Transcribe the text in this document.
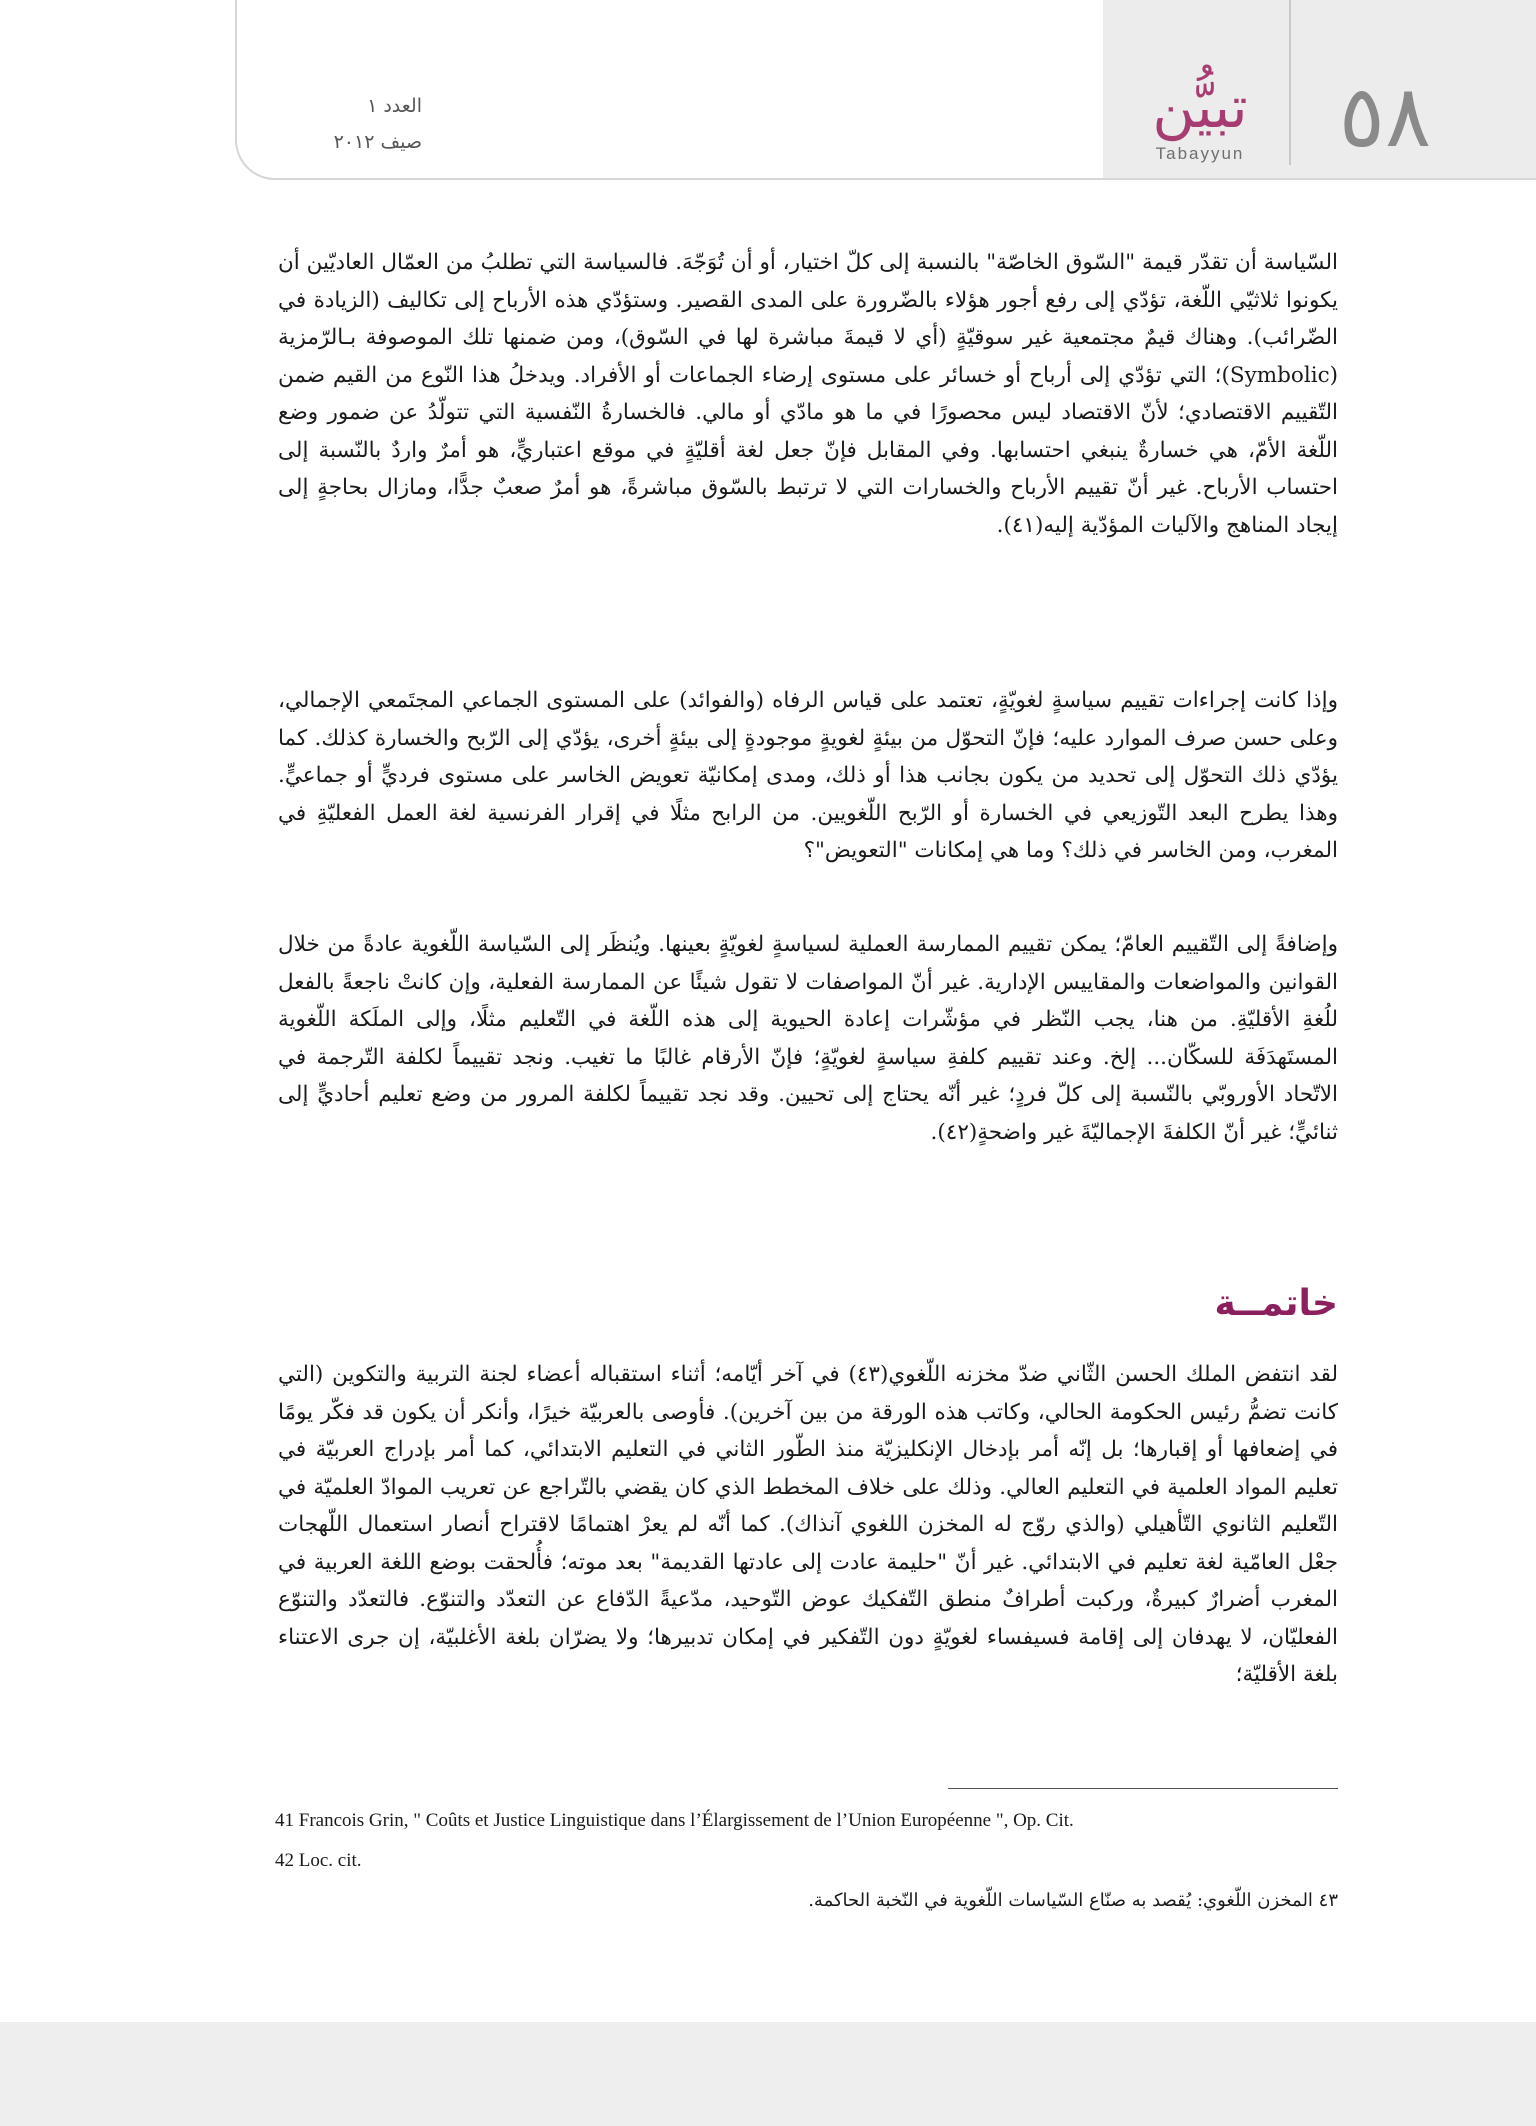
٥٨
تبيُّن
Tabayyun
العدد ١
صيف ٢٠١٢

السّياسة أن تقدّر قيمة "السّوق الخاصّة" بالنسبة إلى كلّ اختيار، أو أن تُوَجّهَ. فالسياسة التي تطلبُ من العمّال العاديّين أن يكونوا ثلاثيّي اللّغة، تؤدّي إلى رفع أجور هؤلاء بالضّرورة على المدى القصير. وستؤدّي هذه الأرباح إلى تكاليف (الزيادة في الضّرائب). وهناك قيمٌ مجتمعية غير سوقيّةٍ (أي لا قيمةَ مباشرة لها في السّوق)، ومن ضمنها تلك الموصوفة بـالرّمزية (Symbolic)؛ التي تؤدّي إلى أرباح أو خسائر على مستوى إرضاء الجماعات أو الأفراد. ويدخلُ هذا النّوع من القيم ضمن التّقييم الاقتصادي؛ لأنّ الاقتصاد ليس محصورًا في ما هو مادّي أو مالي. فالخسارةُ النّفسية التي تتولّدُ عن ضمور وضع اللّغة الأمّ، هي خسارةٌ ينبغي احتسابها. وفي المقابل فإنّ جعل لغة أقليّةٍ في موقع اعتباريٍّ، هو أمرٌ واردٌ بالنّسبة إلى احتساب الأرباح. غير أنّ تقييم الأرباح والخسارات التي لا ترتبط بالسّوق مباشرةً، هو أمرٌ صعبٌ جدًّا، ومازال بحاجةٍ إلى إيجاد المناهج والآليات المؤدّية إليه(٤١).

وإذا كانت إجراءات تقييم سياسةٍ لغويّةٍ، تعتمد على قياس الرفاه (والفوائد) على المستوى الجماعي المجتَمعي الإجمالي، وعلى حسن صرف الموارد عليه؛ فإنّ التحوّل من بيئةٍ لغويةٍ موجودةٍ إلى بيئةٍ أخرى، يؤدّي إلى الرّبح والخسارة كذلك. كما يؤدّي ذلك التحوّل إلى تحديد من يكون بجانب هذا أو ذلك، ومدى إمكانيّة تعويض الخاسر على مستوى فرديٍّ أو جماعيٍّ. وهذا يطرح البعد التّوزيعي في الخسارة أو الرّبح اللّغويين. من الرابح مثلًا في إقرار الفرنسية لغة العمل الفعليّةِ في المغرب، ومن الخاسر في ذلك؟ وما هي إمكانات "التعويض"؟

وإضافةً إلى التّقييم العامّ؛ يمكن تقييم الممارسة العملية لسياسةٍ لغويّةٍ بعينها. ويُنظَر إلى السّياسة اللّغوية عادةً من خلال القوانين والمواضعات والمقاييس الإدارية. غير أنّ المواصفات لا تقول شيئًا عن الممارسة الفعلية، وإن كانتْ ناجعةً بالفعل للُغةِ الأقليّةِ. من هنا، يجب النّظر في مؤشّرات إعادة الحيوية إلى هذه اللّغة في التّعليم مثلًا، وإلى الملَكة اللّغوية المستَهدَفَة للسكّان... إلخ. وعند تقييم كلفةِ سياسةٍ لغويّةٍ؛ فإنّ الأرقام غالبًا ما تغيب. ونجد تقييماً لكلفة التّرجمة في الاتّحاد الأوروبّي بالنّسبة إلى كلّ فردٍ؛ غير أنّه يحتاج إلى تحيين. وقد نجد تقييماً لكلفة المرور من وضع تعليم أحاديٍّ إلى ثنائيٍّ؛ غير أنّ الكلفةَ الإجماليّةَ غير واضحةٍ(٤٢).

خاتمــة

لقد انتفض الملك الحسن الثّاني ضدّ مخزنه اللّغوي(٤٣) في آخر أيّامه؛ أثناء استقباله أعضاء لجنة التربية والتكوين (التي كانت تضمُّ رئيس الحكومة الحالي، وكاتب هذه الورقة من بين آخرين). فأوصى بالعربيّة خيرًا، وأنكر أن يكون قد فكّر يومًا في إضعافها أو إقبارها؛ بل إنّه أمر بإدخال الإنكليزيّة منذ الطّور الثاني في التعليم الابتدائي، كما أمر بإدراج العربيّة في تعليم المواد العلمية في التعليم العالي. وذلك على خلاف المخطط الذي كان يقضي بالتّراجع عن تعريب الموادّ العلميّة في التّعليم الثانوي التّأهيلي (والذي روّج له المخزن اللغوي آنذاك). كما أنّه لم يعرْ اهتمامًا لاقتراح أنصار استعمال اللّهجات جعْل العامّية لغة تعليم في الابتدائي. غير أنّ "حليمة عادت إلى عادتها القديمة" بعد موته؛ فأُلحقت بوضع اللغة العربية في المغرب أضرارٌ كبيرةٌ، وركبت أطرافٌ منطق التّفكيك عوض التّوحيد، مدّعيةً الدّفاع عن التعدّد والتنوّع. فالتعدّد والتنوّع الفعليّان، لا يهدفان إلى إقامة فسيفساء لغويّةٍ دون التّفكير في إمكان تدبيرها؛ ولا يضرّان بلغة الأغلبيّة، إن جرى الاعتناء بلغة الأقليّة؛

41 Francois Grin, " Coûts et Justice Linguistique dans l’Élargissement de l’Union Européenne ", Op. Cit.
42 Loc. cit.
٤٣ المخزن اللّغوي: يُقصد به صنّاع السّياسات اللّغوية في النّخبة الحاكمة.
